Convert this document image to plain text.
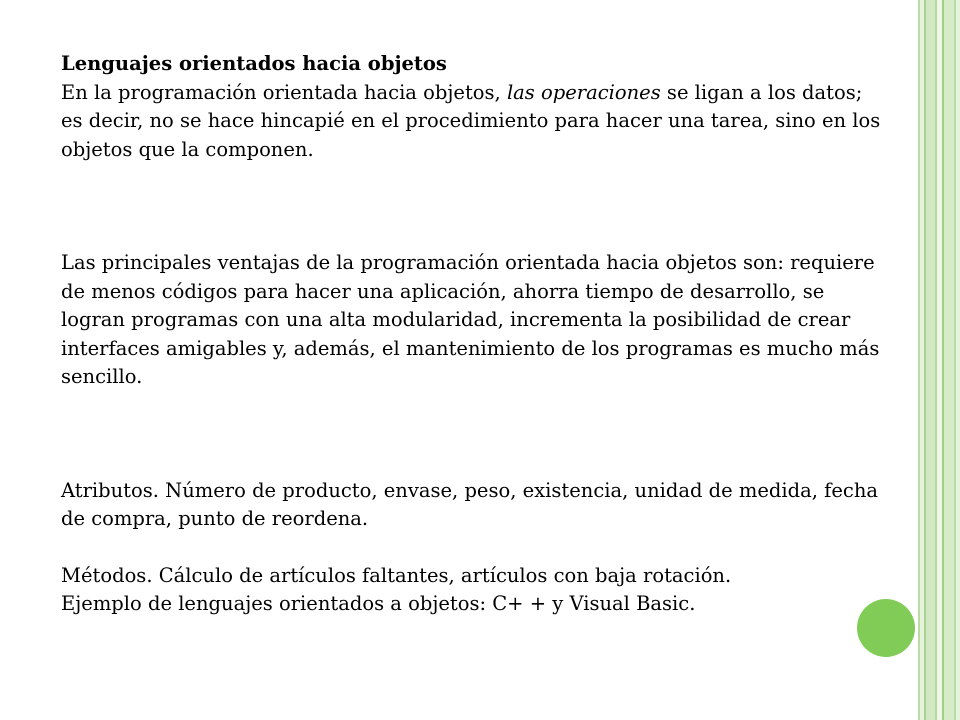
Lenguajes orientados hacia objetos

En la programación orientada hacia objetos, las operaciones se ligan a los datos; es decir, no se hace hincapié en el procedimiento para hacer una tarea, sino en los objetos que la componen.

Las principales ventajas de la programación orientada hacia objetos son: requiere de menos códigos para hacer una aplicación, ahorra tiempo de desarrollo, se logran programas con una alta modularidad, incrementa la posibilidad de crear interfaces amigables y, además, el mantenimiento de los programas es mucho más sencillo.

Atributos. Número de producto, envase, peso, existencia, unidad de medida, fecha de compra, punto de reordena.

Métodos. Cálculo de artículos faltantes, artículos con baja rotación.

Ejemplo de lenguajes orientados a objetos: C+ + y Visual Basic.
